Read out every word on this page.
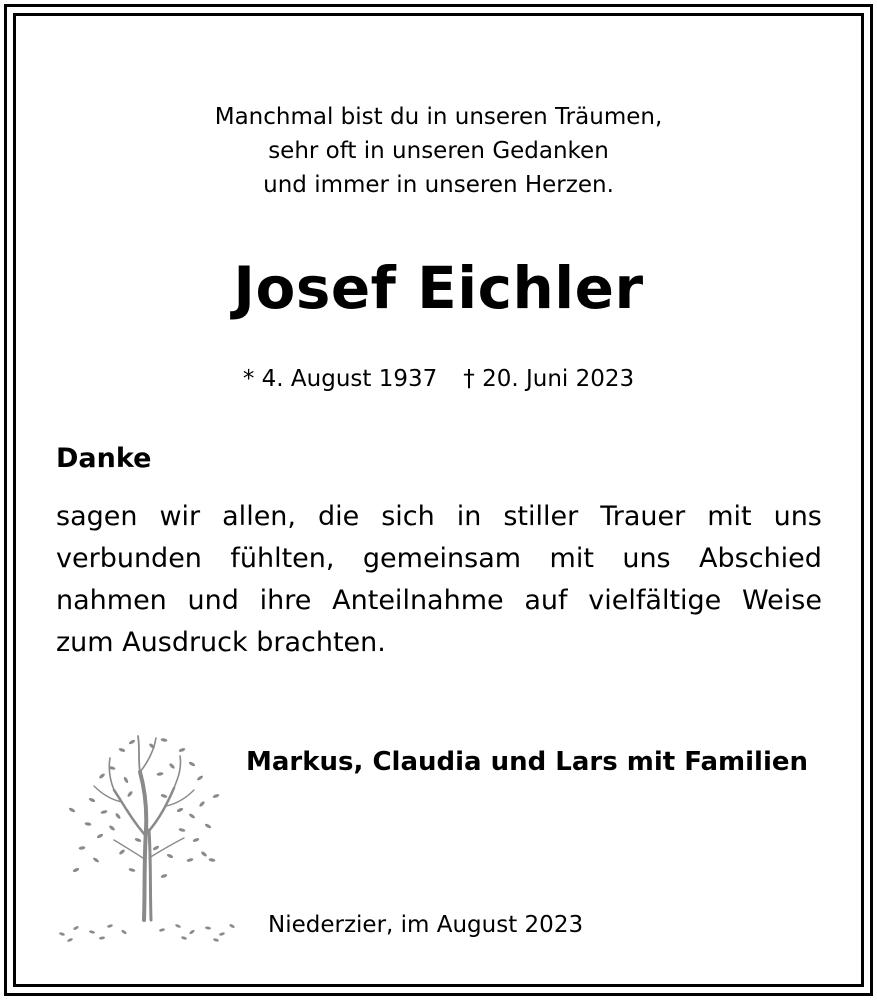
Manchmal bist du in unseren Träumen,
sehr oft in unseren Gedanken
und immer in unseren Herzen.
Josef Eichler
* 4. August 1937 † 20. Juni 2023
Danke
sagen wir allen, die sich in stiller Trauer mit uns
verbunden fühlten, gemeinsam mit uns Abschied
nahmen und ihre Anteilnahme auf vielfältige Weise
zum Ausdruck brachten.
Markus, Claudia und Lars mit Familien
Niederzier, im August 2023
